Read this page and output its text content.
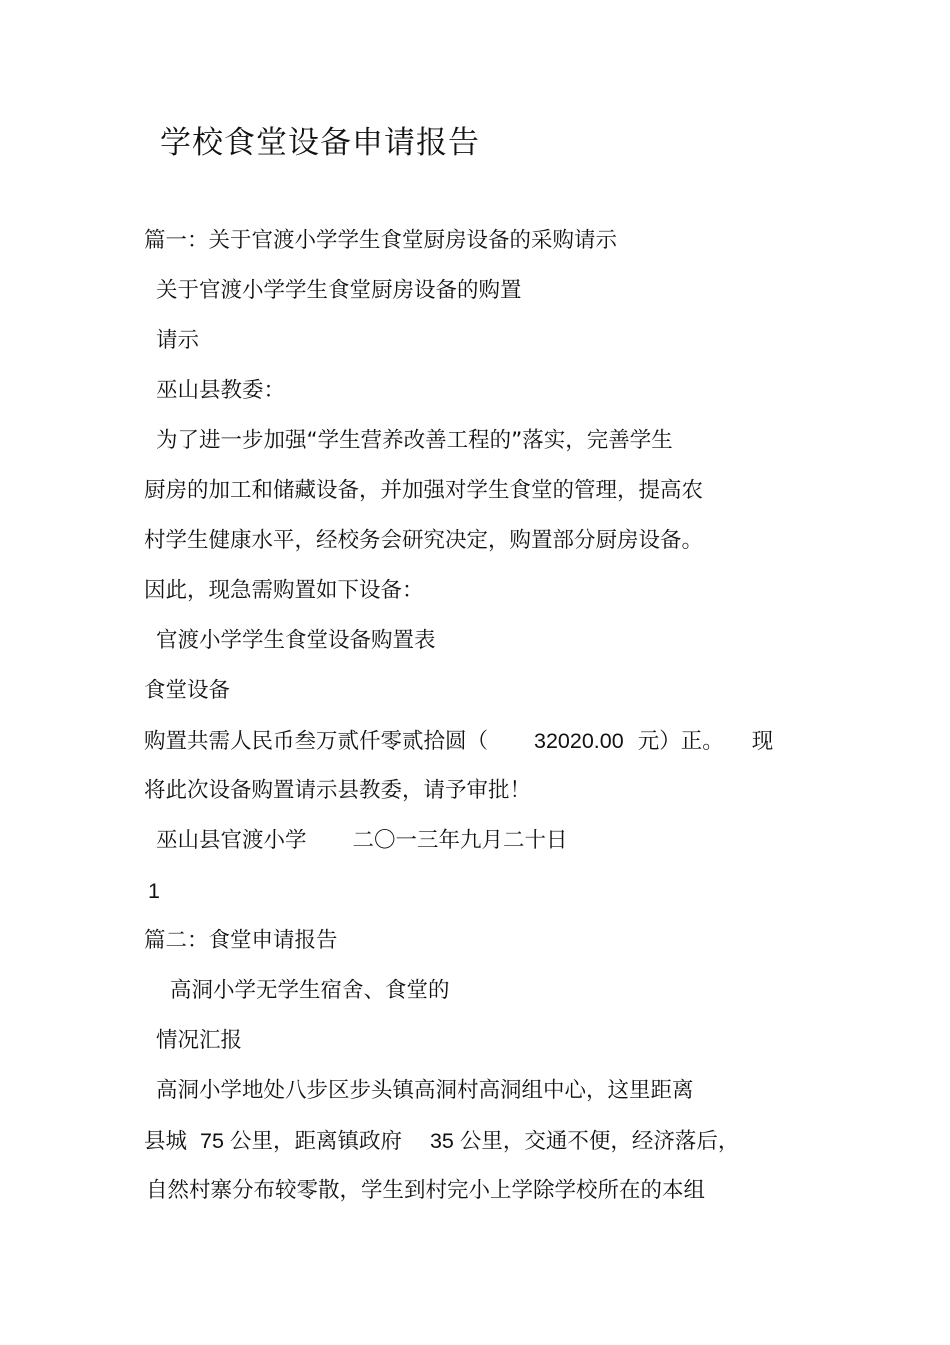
学校食堂设备申请报告
篇一：关于官渡小学学生食堂厨房设备的采购请示
关于官渡小学学生食堂厨房设备的购置
请示
巫山县教委：
为了进一步加强“学生营养改善工程的”落实，完善学生
厨房的加工和储藏设备，并加强对学生食堂的管理，提高农
村学生健康水平，经校务会研究决定，购置部分厨房设备。
因此，现急需购置如下设备：
官渡小学学生食堂设备购置表
食堂设备
购置共需人民币叁万贰仟零贰拾圆（ 32020.00 元）正。 现
将此次设备购置请示县教委，请予审批！
巫山县官渡小学 二〇一三年九月二十日
1
篇二：食堂申请报告
高洞小学无学生宿舍、食堂的
情况汇报
高洞小学地处八步区步头镇高洞村高洞组中心，这里距离
县城 75 公里，距离镇政府 35 公里，交通不便，经济落后，
自然村寨分布较零散，学生到村完小上学除学校所在的本组
